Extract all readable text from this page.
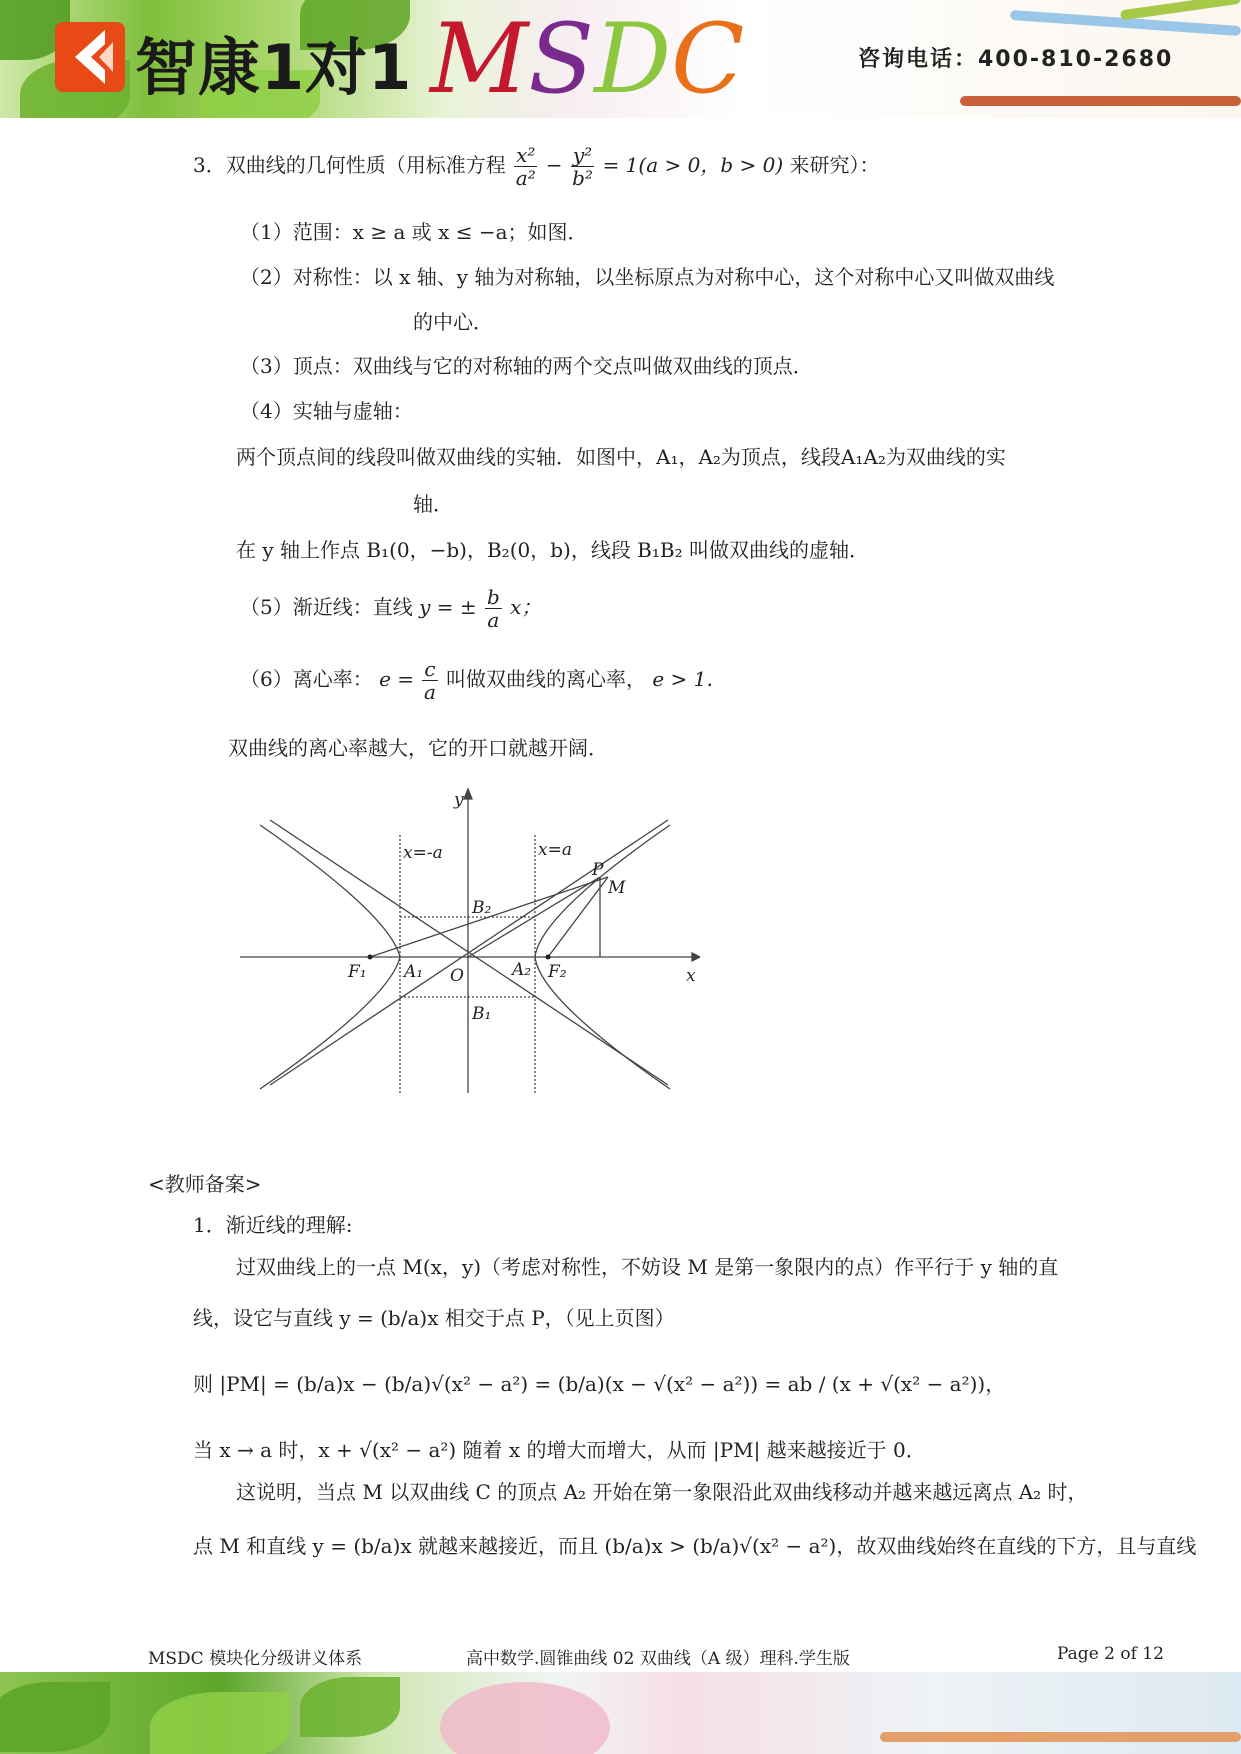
智康1对1 MSDC	咨询电话：400-810-2680
3．双曲线的几何性质（用标准方程 $\frac{\text{x²}}{\text{a²}} - \frac{\text{y²}}{\text{b²}} = 1(a > 0$，b > 0) 来研究）：
（1）范围：x ≥ a 或 x ≤ −a；如图．
（2）对称性：以 x 轴、y 轴为对称轴，以坐标原点为对称中心，这个对称中心又叫做双曲线
的中心．
（3）顶点：双曲线与它的对称轴的两个交点叫做双曲线的顶点．
（4）实轴与虚轴：
两个顶点间的线段叫做双曲线的实轴．如图中，A₁，A₂为顶点，线段A₁A₂为双曲线的实
轴．
在 y 轴上作点 B₁(0，−b)，B₂(0，b)，线段 B₁B₂ 叫做双曲线的虚轴．
（5）渐近线：直线 y = ± $\frac{b}{a}$ x；
（6）离心率： $e = \frac{c}{a}$ 叫做双曲线的离心率， e > 1．
双曲线的离心率越大，它的开口就越开阔．
y
x
x=-a	x=a
P
M
B₂
B₁
F₁ A₁ O	A₂ F₂
<教师备案>
1．渐近线的理解:
过双曲线上的一点 M(x，y)（考虑对称性，不妨设 M 是第一象限内的点）作平行于 y 轴的直
线，设它与直线 y = (b/a)x 相交于点 P，（见上页图）
则 |PM| = (b/a)x − (b/a)√(x² − a²) = (b/a)(x − √(x² − a²)) = ab / (x + √(x² − a²))，
当 x → a 时，x + √(x² − a²) 随着 x 的增大而增大，从而 |PM| 越来越接近于 0．
这说明，当点 M 以双曲线 C 的顶点 A₂ 开始在第一象限沿此双曲线移动并越来越远离点 A₂ 时，
点 M 和直线 y = (b/a)x 就越来越接近，而且 (b/a)x > (b/a)√(x² − a²)，故双曲线始终在直线的下方，且与直线
MSDC 模块化分级讲义体系	高中数学.圆锥曲线 02 双曲线（A 级）理科.学生版	Page 2 of 12
